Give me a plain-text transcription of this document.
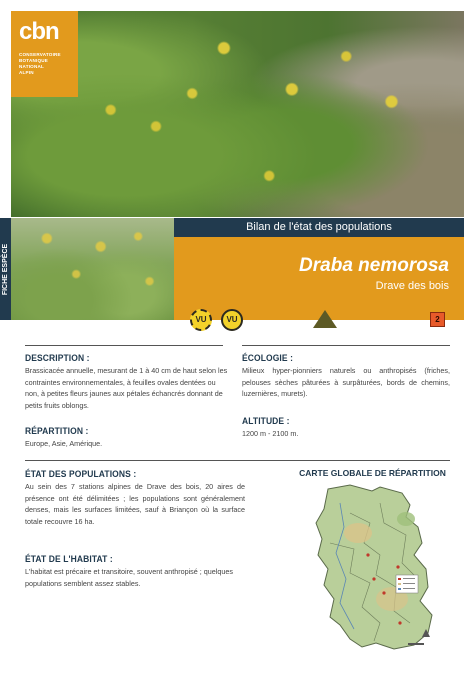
cbn
CONSERVATOIRE
BOTANIQUE NATIONAL
ALPIN
FICHE ESPÈCE
Bilan de l'état des populations
Draba nemorosa
Drave des bois
VU	VU	2
DESCRIPTION :
Brassicacée annuelle, mesurant de 1 à 40 cm de haut selon les contraintes environnementales, à feuilles ovales dentées ou non, à petites fleurs jaunes aux pétales échancrés donnant de petits fruits oblongs.
ÉCOLOGIE :
Milieux hyper-pionniers naturels ou anthropisés (friches, pelouses sèches pâturées à surpâturées, bords de chemins, luzernières, murets).
RÉPARTITION :
Europe, Asie, Amérique.
ALTITUDE :
1200 m - 2100 m.
ÉTAT DES POPULATIONS :
Au sein des 7 stations alpines de Drave des bois, 20 aires de présence ont été délimitées ; les populations sont généralement denses, mais les surfaces limitées, sauf à Briançon où la surface totale recouvre 16 ha.
ÉTAT DE L'HABITAT :
L'habitat est précaire et transitoire, souvent anthropisé ; quelques populations semblent assez stables.
CARTE GLOBALE DE RÉPARTITION
